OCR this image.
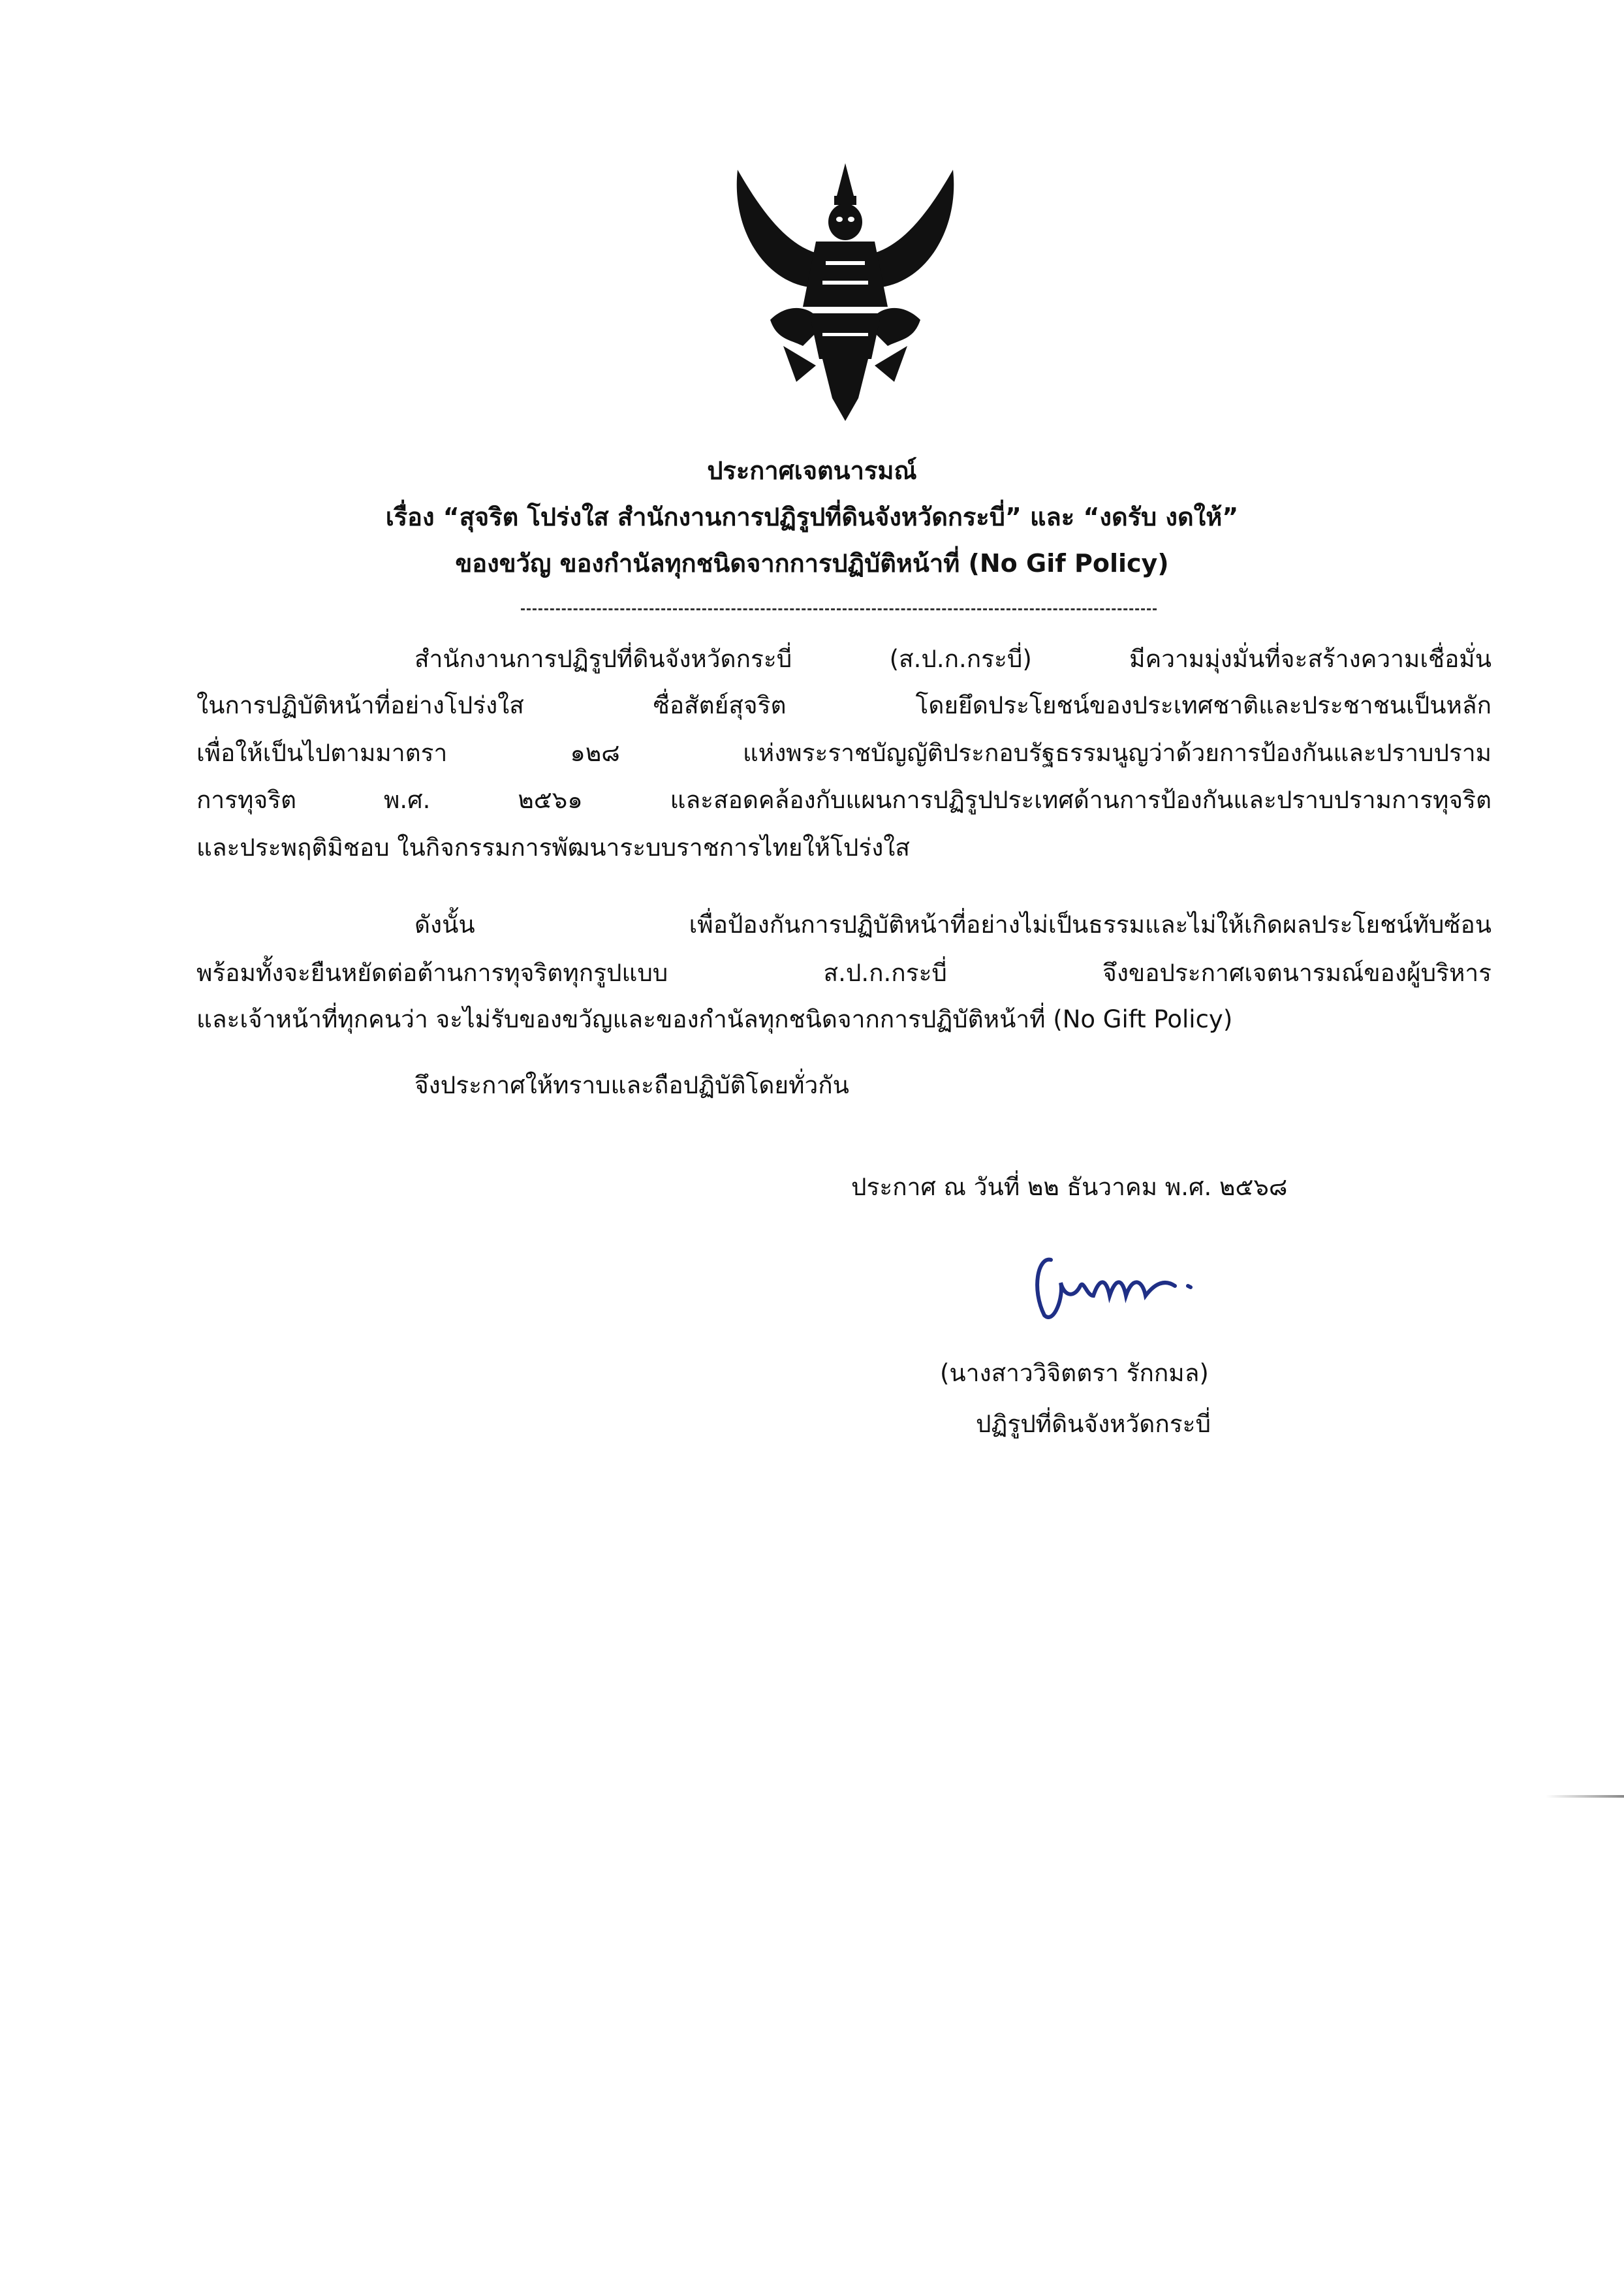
ประกาศเจตนารมณ์
เรื่อง “สุจริต โปร่งใส สำนักงานการปฏิรูปที่ดินจังหวัดกระบี่” และ “งดรับ งดให้”
ของขวัญ ของกำนัลทุกชนิดจากการปฏิบัติหน้าที่ (No Gif Policy)
สำนักงานการปฏิรูปที่ดินจังหวัดกระบี่ (ส.ป.ก.กระบี่) มีความมุ่งมั่นที่จะสร้างความเชื่อมั่น
ในการปฏิบัติหน้าที่อย่างโปร่งใส ซื่อสัตย์สุจริต โดยยึดประโยชน์ของประเทศชาติและประชาชนเป็นหลัก
เพื่อให้เป็นไปตามมาตรา ๑๒๘ แห่งพระราชบัญญัติประกอบรัฐธรรมนูญว่าด้วยการป้องกันและปราบปราม
การทุจริต พ.ศ. ๒๕๖๑ และสอดคล้องกับแผนการปฏิรูปประเทศด้านการป้องกันและปราบปรามการทุจริต
และประพฤติมิชอบ ในกิจกรรมการพัฒนาระบบราชการไทยให้โปร่งใส
ดังนั้น เพื่อป้องกันการปฏิบัติหน้าที่อย่างไม่เป็นธรรมและไม่ให้เกิดผลประโยชน์ทับซ้อน
พร้อมทั้งจะยืนหยัดต่อต้านการทุจริตทุกรูปแบบ ส.ป.ก.กระบี่ จึงขอประกาศเจตนารมณ์ของผู้บริหาร
และเจ้าหน้าที่ทุกคนว่า จะไม่รับของขวัญและของกำนัลทุกชนิดจากการปฏิบัติหน้าที่ (No Gift Policy)
จึงประกาศให้ทราบและถือปฏิบัติโดยทั่วกัน
ประกาศ ณ วันที่ ๒๒ ธันวาคม พ.ศ. ๒๕๖๘
(นางสาววิจิตตรา รักกมล)
ปฏิรูปที่ดินจังหวัดกระบี่
